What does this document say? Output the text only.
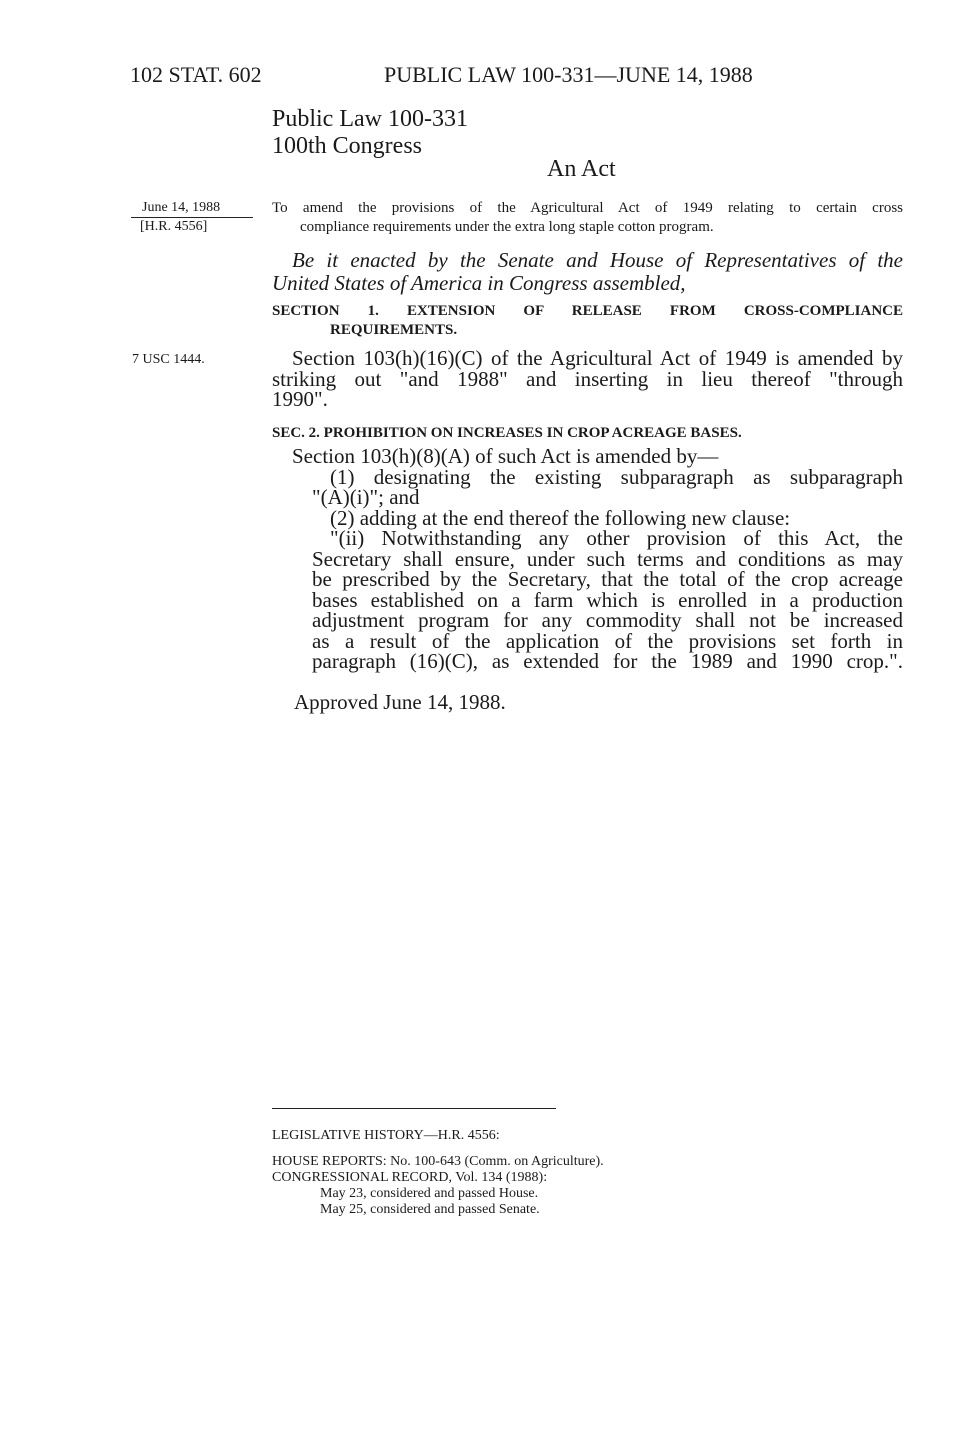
102 STAT. 602	PUBLIC LAW 100-331—JUNE 14, 1988
Public Law 100-331
100th Congress
An Act
June 14, 1988
[H.R. 4556]
7 USC 1444.
To amend the provisions of the Agricultural Act of 1949 relating to certain cross
compliance requirements under the extra long staple cotton program.
Be it enacted by the Senate and House of Representatives of the
United States of America in Congress assembled,
SECTION 1. EXTENSION OF RELEASE FROM CROSS-COMPLIANCE
REQUIREMENTS.
Section 103(h)(16)(C) of the Agricultural Act of 1949 is amended by
striking out "and 1988" and inserting in lieu thereof "through
1990".
SEC. 2. PROHIBITION ON INCREASES IN CROP ACREAGE BASES.
Section 103(h)(8)(A) of such Act is amended by—
(1) designating the existing subparagraph as subparagraph
"(A)(i)"; and
(2) adding at the end thereof the following new clause:
"(ii) Notwithstanding any other provision of this Act, the
Secretary shall ensure, under such terms and conditions as may
be prescribed by the Secretary, that the total of the crop acreage
bases established on a farm which is enrolled in a production
adjustment program for any commodity shall not be increased
as a result of the application of the provisions set forth in
paragraph (16)(C), as extended for the 1989 and 1990 crop.".
Approved June 14, 1988.
LEGISLATIVE HISTORY—H.R. 4556:
HOUSE REPORTS: No. 100-643 (Comm. on Agriculture).
CONGRESSIONAL RECORD, Vol. 134 (1988):
May 23, considered and passed House.
May 25, considered and passed Senate.
